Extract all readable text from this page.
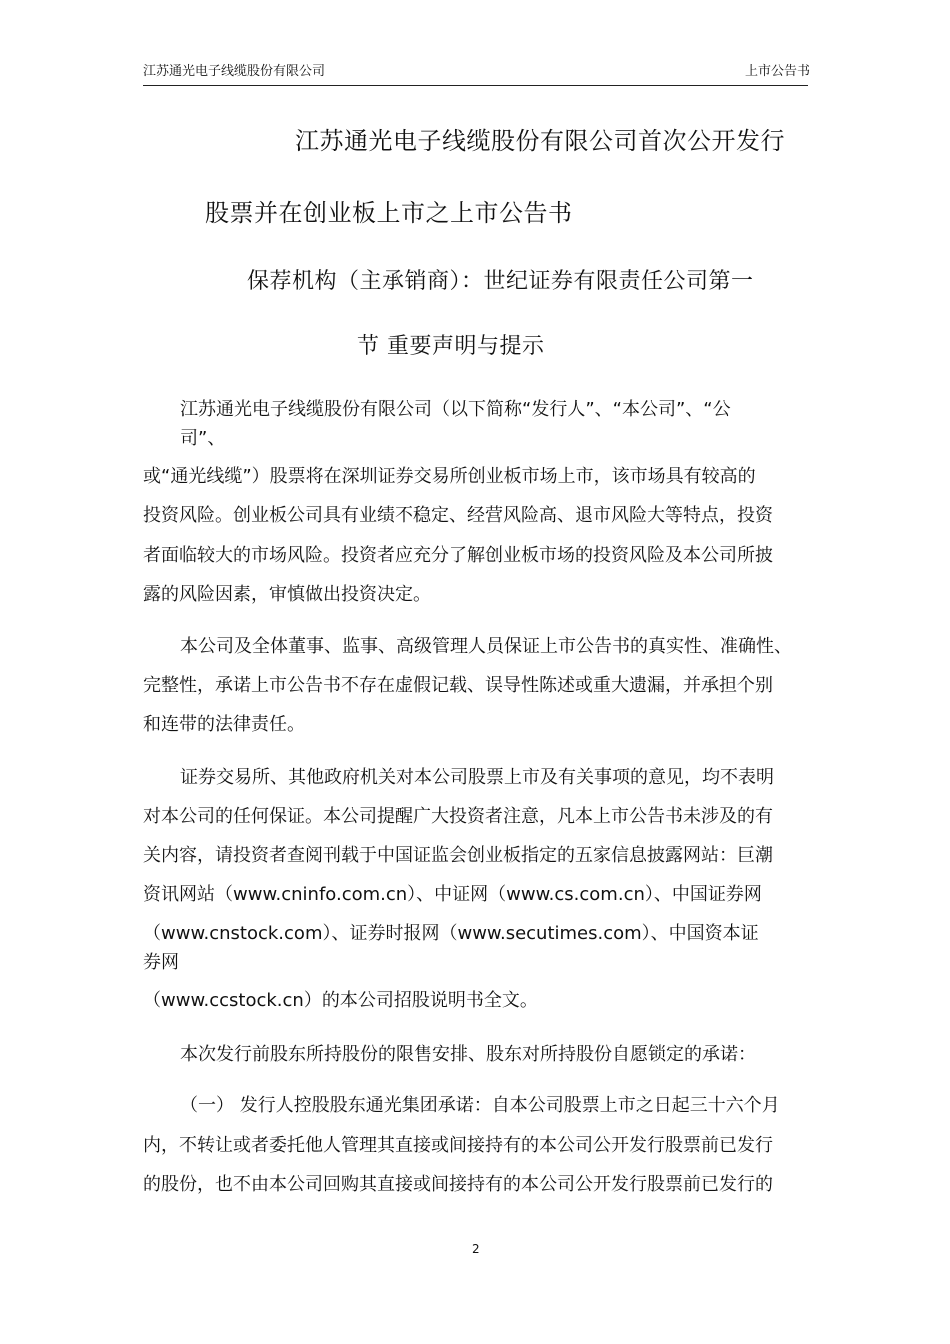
江苏通光电子线缆股份有限公司	上市公告书
江苏通光电子线缆股份有限公司首次公开发行
股票并在创业板上市之上市公告书
保荐机构（主承销商）：世纪证券有限责任公司第一
节 重要声明与提示
江苏通光电子线缆股份有限公司（以下简称“发行人”、“本公司”、“公
司”、
或“通光线缆”）股票将在深圳证券交易所创业板市场上市，该市场具有较高的
投资风险。创业板公司具有业绩不稳定、经营风险高、退市风险大等特点，投资
者面临较大的市场风险。投资者应充分了解创业板市场的投资风险及本公司所披
露的风险因素，审慎做出投资决定。
本公司及全体董事、监事、高级管理人员保证上市公告书的真实性、准确性、
完整性，承诺上市公告书不存在虚假记载、误导性陈述或重大遗漏，并承担个别
和连带的法律责任。
证券交易所、其他政府机关对本公司股票上市及有关事项的意见，均不表明
对本公司的任何保证。本公司提醒广大投资者注意，凡本上市公告书未涉及的有
关内容，请投资者查阅刊载于中国证监会创业板指定的五家信息披露网站：巨潮
资讯网站（www.cninfo.com.cn）、中证网（www.cs.com.cn）、中国证券网
（www.cnstock.com）、证券时报网（www.secutimes.com）、中国资本证
券网
（www.ccstock.cn）的本公司招股说明书全文。
本次发行前股东所持股份的限售安排、股东对所持股份自愿锁定的承诺：
（一） 发行人控股股东通光集团承诺：自本公司股票上市之日起三十六个月
内，不转让或者委托他人管理其直接或间接持有的本公司公开发行股票前已发行
的股份，也不由本公司回购其直接或间接持有的本公司公开发行股票前已发行的
2
